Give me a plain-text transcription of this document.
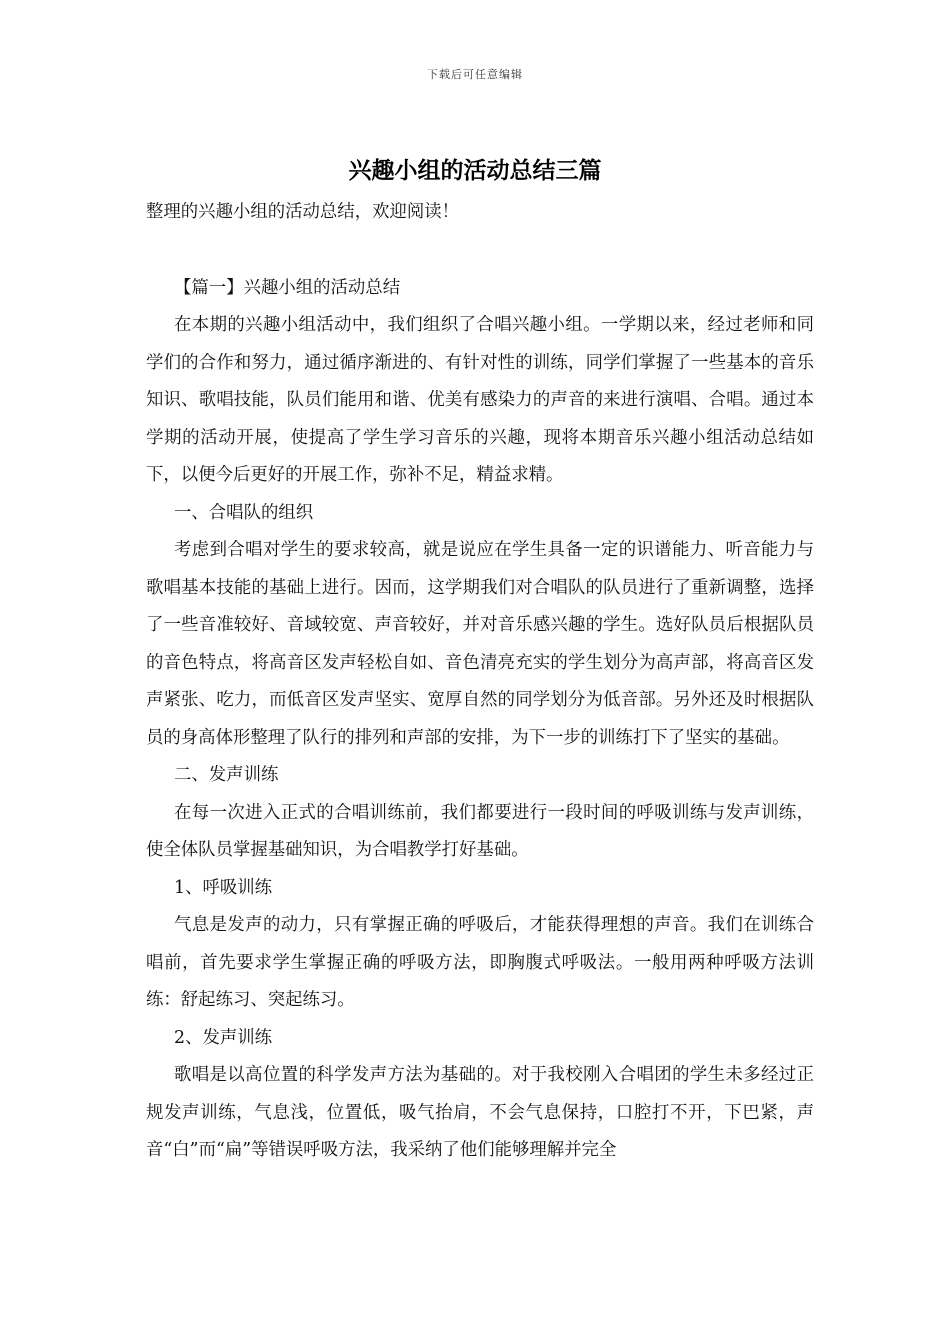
下载后可任意编辑
兴趣小组的活动总结三篇

整理的兴趣小组的活动总结，欢迎阅读！

【篇一】兴趣小组的活动总结

在本期的兴趣小组活动中，我们组织了合唱兴趣小组。一学期以来，经过老师和同学们的合作和努力，通过循序渐进的、有针对性的训练，同学们掌握了一些基本的音乐知识、歌唱技能，队员们能用和谐、优美有感染力的声音的来进行演唱、合唱。通过本学期的活动开展，使提高了学生学习音乐的兴趣，现将本期音乐兴趣小组活动总结如下，以便今后更好的开展工作，弥补不足，精益求精。

一、合唱队的组织

考虑到合唱对学生的要求较高，就是说应在学生具备一定的识谱能力、听音能力与歌唱基本技能的基础上进行。因而，这学期我们对合唱队的队员进行了重新调整，选择了一些音准较好、音域较宽、声音较好，并对音乐感兴趣的学生。选好队员后根据队员的音色特点，将高音区发声轻松自如、音色清亮充实的学生划分为高声部，将高音区发声紧张、吃力，而低音区发声坚实、宽厚自然的同学划分为低音部。另外还及时根据队员的身高体形整理了队行的排列和声部的安排，为下一步的训练打下了坚实的基础。

二、发声训练

在每一次进入正式的合唱训练前，我们都要进行一段时间的呼吸训练与发声训练，使全体队员掌握基础知识，为合唱教学打好基础。

1、呼吸训练

气息是发声的动力，只有掌握正确的呼吸后，才能获得理想的声音。我们在训练合唱前，首先要求学生掌握正确的呼吸方法，即胸腹式呼吸法。一般用两种呼吸方法训练：舒起练习、突起练习。

2、发声训练

歌唱是以高位置的科学发声方法为基础的。对于我校刚入合唱团的学生未多经过正规发声训练，气息浅，位置低，吸气抬肩，不会气息保持，口腔打不开，下巴紧，声音“白”而“扁”等错误呼吸方法，我采纳了他们能够理解并完全
